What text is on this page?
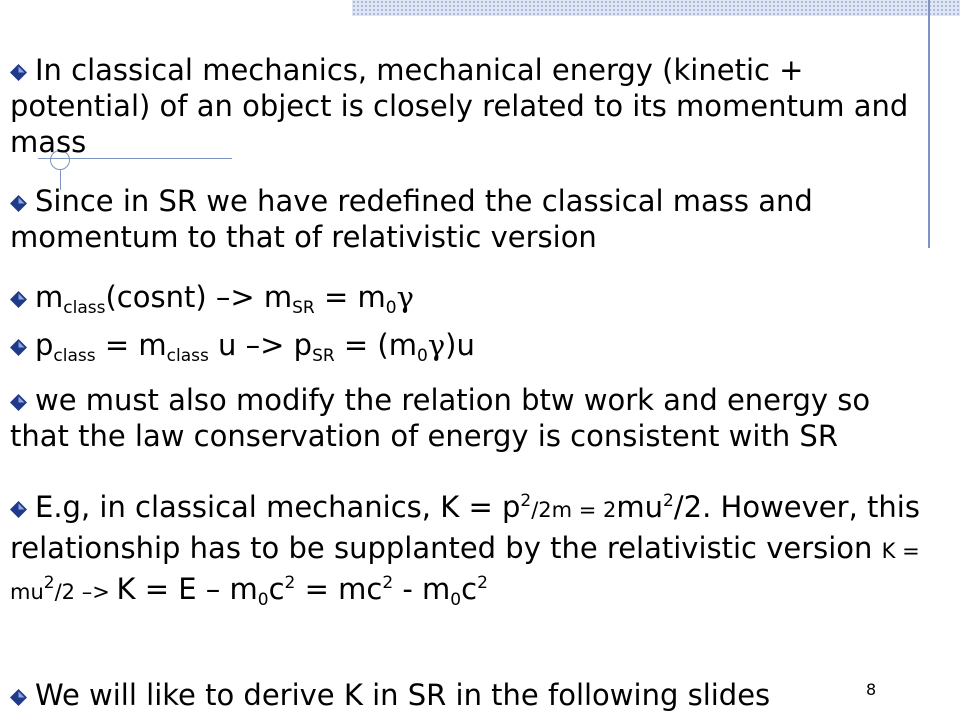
In classical mechanics, mechanical energy (kinetic + potential) of an object is closely related to its momentum and mass

Since in SR we have redefined the classical mass and momentum to that of relativistic version

$m_{class}(cosnt) -> m_{SR} = m_0\gamma$

$p_{class} = m_{class}$ $u -> p_{SR} = (m_0\gamma)u$

we must also modify the relation btw work and energy so that the law conservation of energy is consistent with SR

E.g, in classical mechanics, $K = p^2/2m = 2mu^2/2$. However, this relationship has to be supplanted by the relativistic version $K = mu^2/2 -> K = E - m_0c^2 = mc^2 - m_0c^2$

We will like to derive K in SR in the following slides	8
